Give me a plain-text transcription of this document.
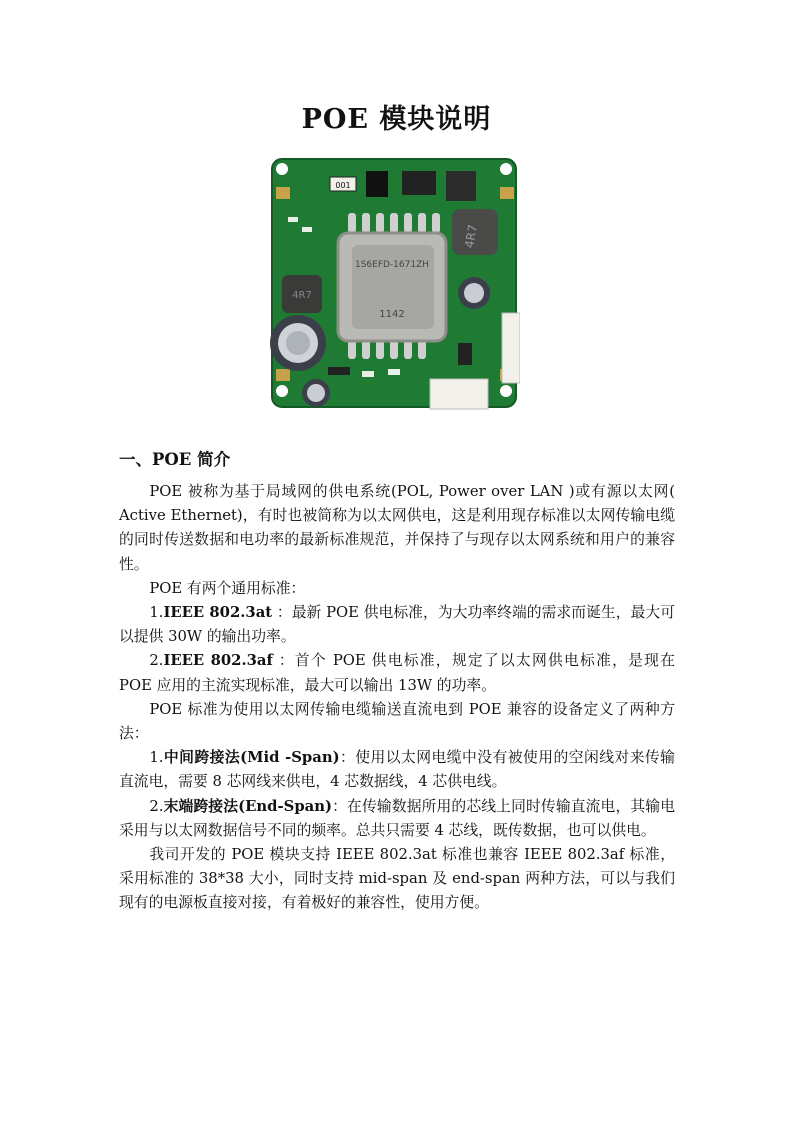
POE 模块说明
001
4R7
1S6EFD-1671ZH
1142
4R7
一、POE 简介

POE 被称为基于局域网的供电系统(POL, Power over LAN )或有源以太网( Active Ethernet)，有时也被简称为以太网供电，这是利用现存标准以太网传输电缆的同时传送数据和电功率的最新标准规范，并保持了与现存以太网系统和用户的兼容性。

POE 有两个通用标准：

1.IEEE 802.3at ：最新 POE 供电标准，为大功率终端的需求而诞生，最大可以提供 30W 的输出功率。

2.IEEE 802.3af ：首个 POE 供电标准，规定了以太网供电标准，是现在 POE 应用的主流实现标准，最大可以输出 13W 的功率。

POE 标准为使用以太网传输电缆输送直流电到 POE 兼容的设备定义了两种方法：

1.中间跨接法(Mid -Span)：使用以太网电缆中没有被使用的空闲线对来传输直流电，需要 8 芯网线来供电，4 芯数据线，4 芯供电线。

2.末端跨接法(End-Span)：在传输数据所用的芯线上同时传输直流电，其输电采用与以太网数据信号不同的频率。总共只需要 4 芯线，既传数据，也可以供电。

我司开发的 POE 模块支持 IEEE 802.3at 标准也兼容 IEEE 802.3af 标准，采用标准的 38*38 大小，同时支持 mid-span 及 end-span 两种方法，可以与我们现有的电源板直接对接，有着极好的兼容性，使用方便。
